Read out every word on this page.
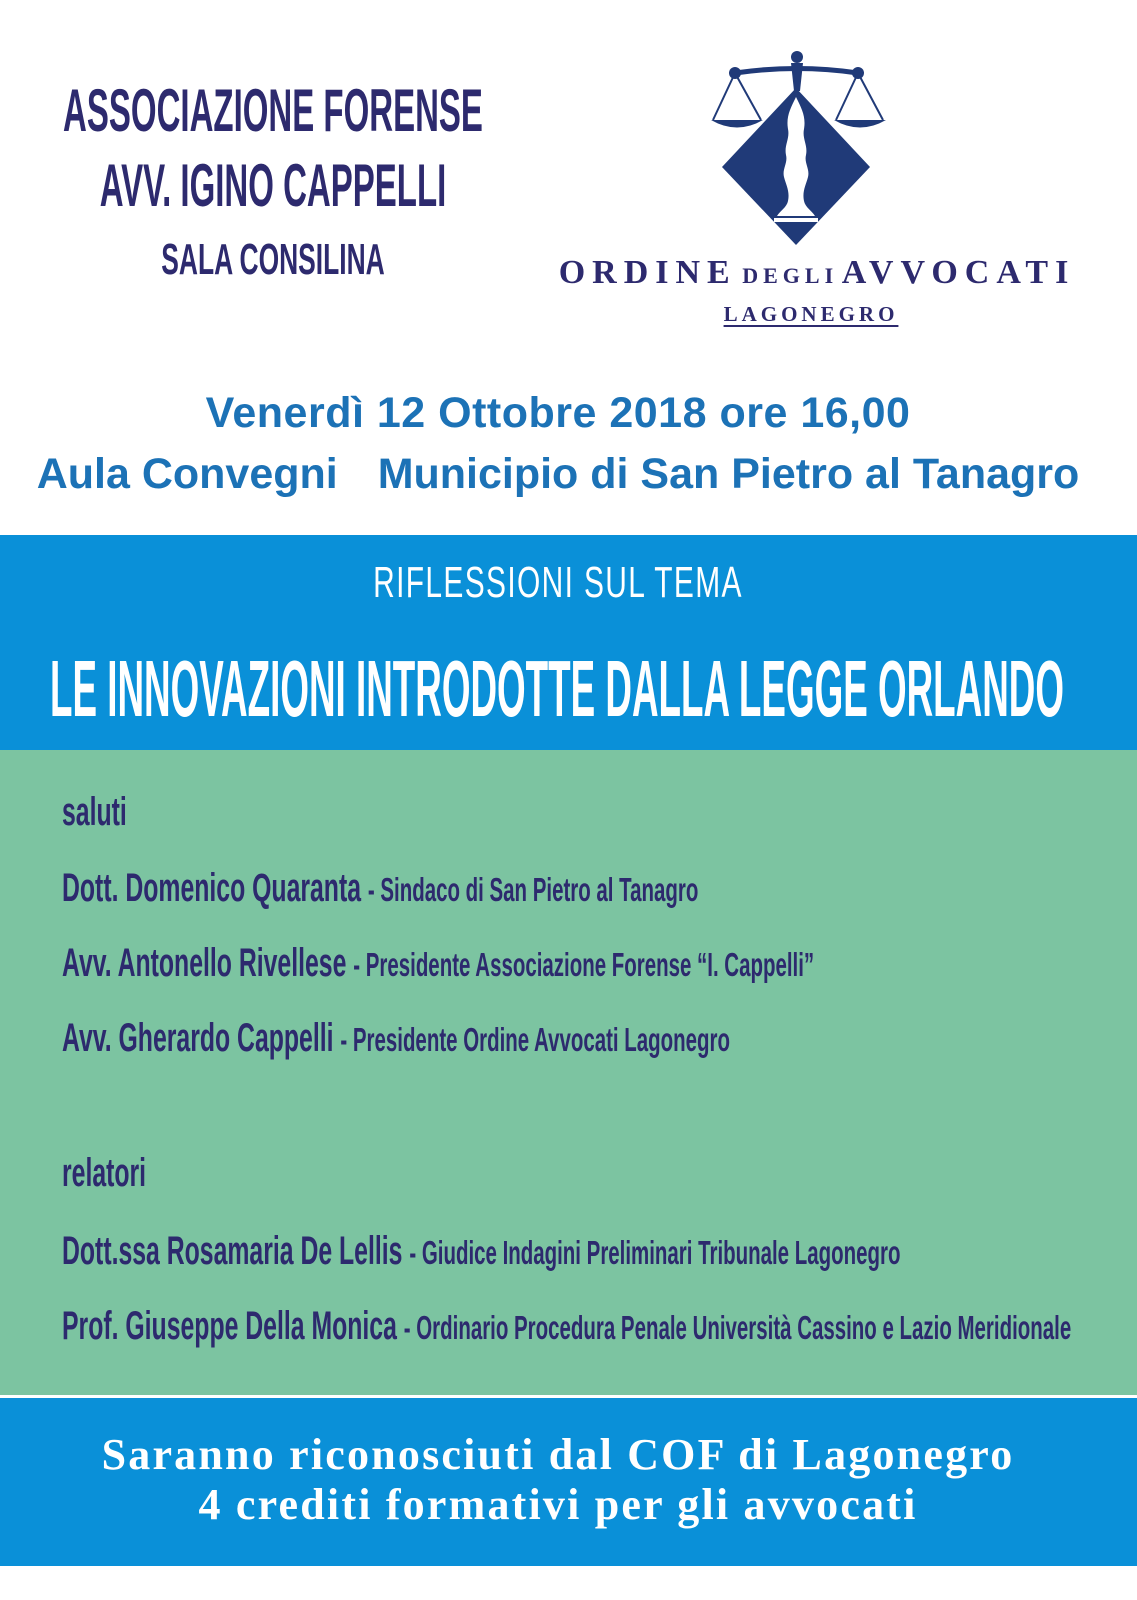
ASSOCIAZIONE FORENSE
AVV. IGINO CAPPELLI
SALA CONSILINA	ORDINE DEGLI AVVOCATI
LAGONEGRO
Venerdì 12 Ottobre 2018 ore 16,00
Aula Convegni Municipio di San Pietro al Tanagro
RIFLESSIONI SUL TEMA
LE INNOVAZIONI INTRODOTTE DALLA LEGGE ORLANDO
saluti
Dott. Domenico Quaranta - Sindaco di San Pietro al Tanagro
Avv. Antonello Rivellese - Presidente Associazione Forense “I. Cappelli”
Avv. Gherardo Cappelli - Presidente Ordine Avvocati Lagonegro
relatori
Dott.ssa Rosamaria De Lellis - Giudice Indagini Preliminari Tribunale Lagonegro
Prof. Giuseppe Della Monica - Ordinario Procedura Penale Università Cassino e Lazio Meridionale
Saranno riconosciuti dal COF di Lagonegro
4 crediti formativi per gli avvocati
